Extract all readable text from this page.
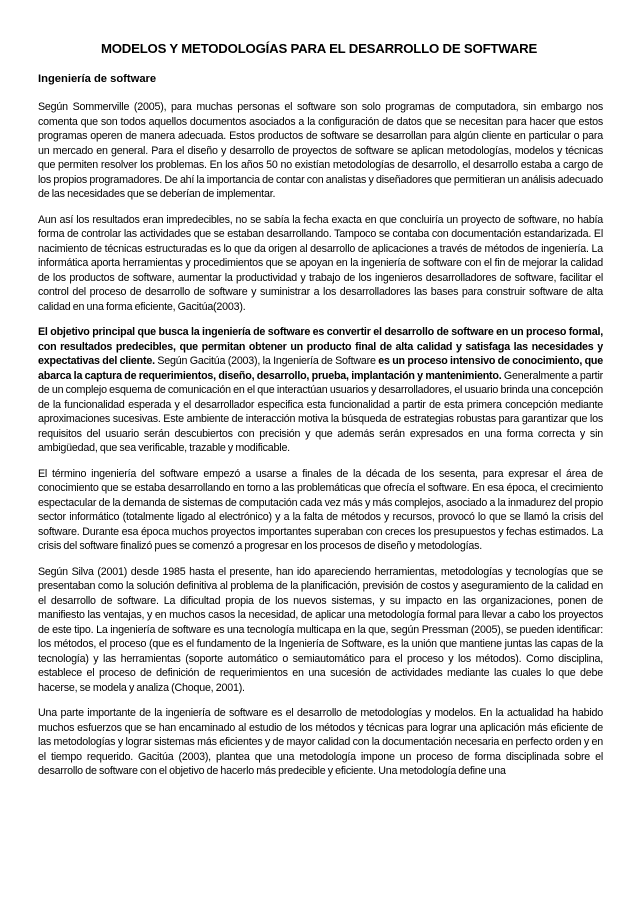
MODELOS Y METODOLOGÍAS PARA EL DESARROLLO DE SOFTWARE
Ingeniería de software

Según Sommerville (2005), para muchas personas el software son solo programas de computadora, sin embargo nos comenta que son todos aquellos documentos asociados a la configuración de datos que se necesitan para hacer que estos programas operen de manera adecuada. Estos productos de software se desarrollan para algún cliente en particular o para un mercado en general. Para el diseño y desarrollo de proyectos de software se aplican metodologías, modelos y técnicas que permiten resolver los problemas. En los años 50 no existían metodologías de desarrollo, el desarrollo estaba a cargo de los propios programadores. De ahí la importancia de contar con analistas y diseñadores que permitieran un análisis adecuado de las necesidades que se deberían de implementar.

Aun así los resultados eran impredecibles, no se sabía la fecha exacta en que concluiría un proyecto de software, no había forma de controlar las actividades que se estaban desarrollando. Tampoco se contaba con documentación estandarizada. El nacimiento de técnicas estructuradas es lo que da origen al desarrollo de aplicaciones a través de métodos de ingeniería. La informática aporta herramientas y procedimientos que se apoyan en la ingeniería de software con el fin de mejorar la calidad de los productos de software, aumentar la productividad y trabajo de los ingenieros desarrolladores de software, facilitar el control del proceso de desarrollo de software y suministrar a los desarrolladores las bases para construir software de alta calidad en una forma eficiente, Gacitúa(2003).

El objetivo principal que busca la ingeniería de software es convertir el desarrollo de software en un proceso formal, con resultados predecibles, que permitan obtener un producto final de alta calidad y satisfaga las necesidades y expectativas del cliente. Según Gacitúa (2003), la Ingeniería de Software es un proceso intensivo de conocimiento, que abarca la captura de requerimientos, diseño, desarrollo, prueba, implantación y mantenimiento. Generalmente a partir de un complejo esquema de comunicación en el que interactúan usuarios y desarrolladores, el usuario brinda una concepción de la funcionalidad esperada y el desarrollador especifica esta funcionalidad a partir de esta primera concepción mediante aproximaciones sucesivas. Este ambiente de interacción motiva la búsqueda de estrategias robustas para garantizar que los requisitos del usuario serán descubiertos con precisión y que además serán expresados en una forma correcta y sin ambigüedad, que sea verificable, trazable y modificable.

El término ingeniería del software empezó a usarse a finales de la década de los sesenta, para expresar el área de conocimiento que se estaba desarrollando en torno a las problemáticas que ofrecía el software. En esa época, el crecimiento espectacular de la demanda de sistemas de computación cada vez más y más complejos, asociado a la inmadurez del propio sector informático (totalmente ligado al electrónico) y a la falta de métodos y recursos, provocó lo que se llamó la crisis del software. Durante esa época muchos proyectos importantes superaban con creces los presupuestos y fechas estimados. La crisis del software finalizó pues se comenzó a progresar en los procesos de diseño y metodologías.

Según Silva (2001) desde 1985 hasta el presente, han ido apareciendo herramientas, metodologías y tecnologías que se presentaban como la solución definitiva al problema de la planificación, previsión de costos y aseguramiento de la calidad en el desarrollo de software. La dificultad propia de los nuevos sistemas, y su impacto en las organizaciones, ponen de manifiesto las ventajas, y en muchos casos la necesidad, de aplicar una metodología formal para llevar a cabo los proyectos de este tipo. La ingeniería de software es una tecnología multicapa en la que, según Pressman (2005), se pueden identificar: los métodos, el proceso (que es el fundamento de la Ingeniería de Software, es la unión que mantiene juntas las capas de la tecnología) y las herramientas (soporte automático o semiautomático para el proceso y los métodos). Como disciplina, establece el proceso de definición de requerimientos en una sucesión de actividades mediante las cuales lo que debe hacerse, se modela y analiza (Choque, 2001).

Una parte importante de la ingeniería de software es el desarrollo de metodologías y modelos. En la actualidad ha habido muchos esfuerzos que se han encaminado al estudio de los métodos y técnicas para lograr una aplicación más eficiente de las metodologías y lograr sistemas más eficientes y de mayor calidad con la documentación necesaria en perfecto orden y en el tiempo requerido. Gacitúa (2003), plantea que una metodología impone un proceso de forma disciplinada sobre el desarrollo de software con el objetivo de hacerlo más predecible y eficiente. Una metodología define una
